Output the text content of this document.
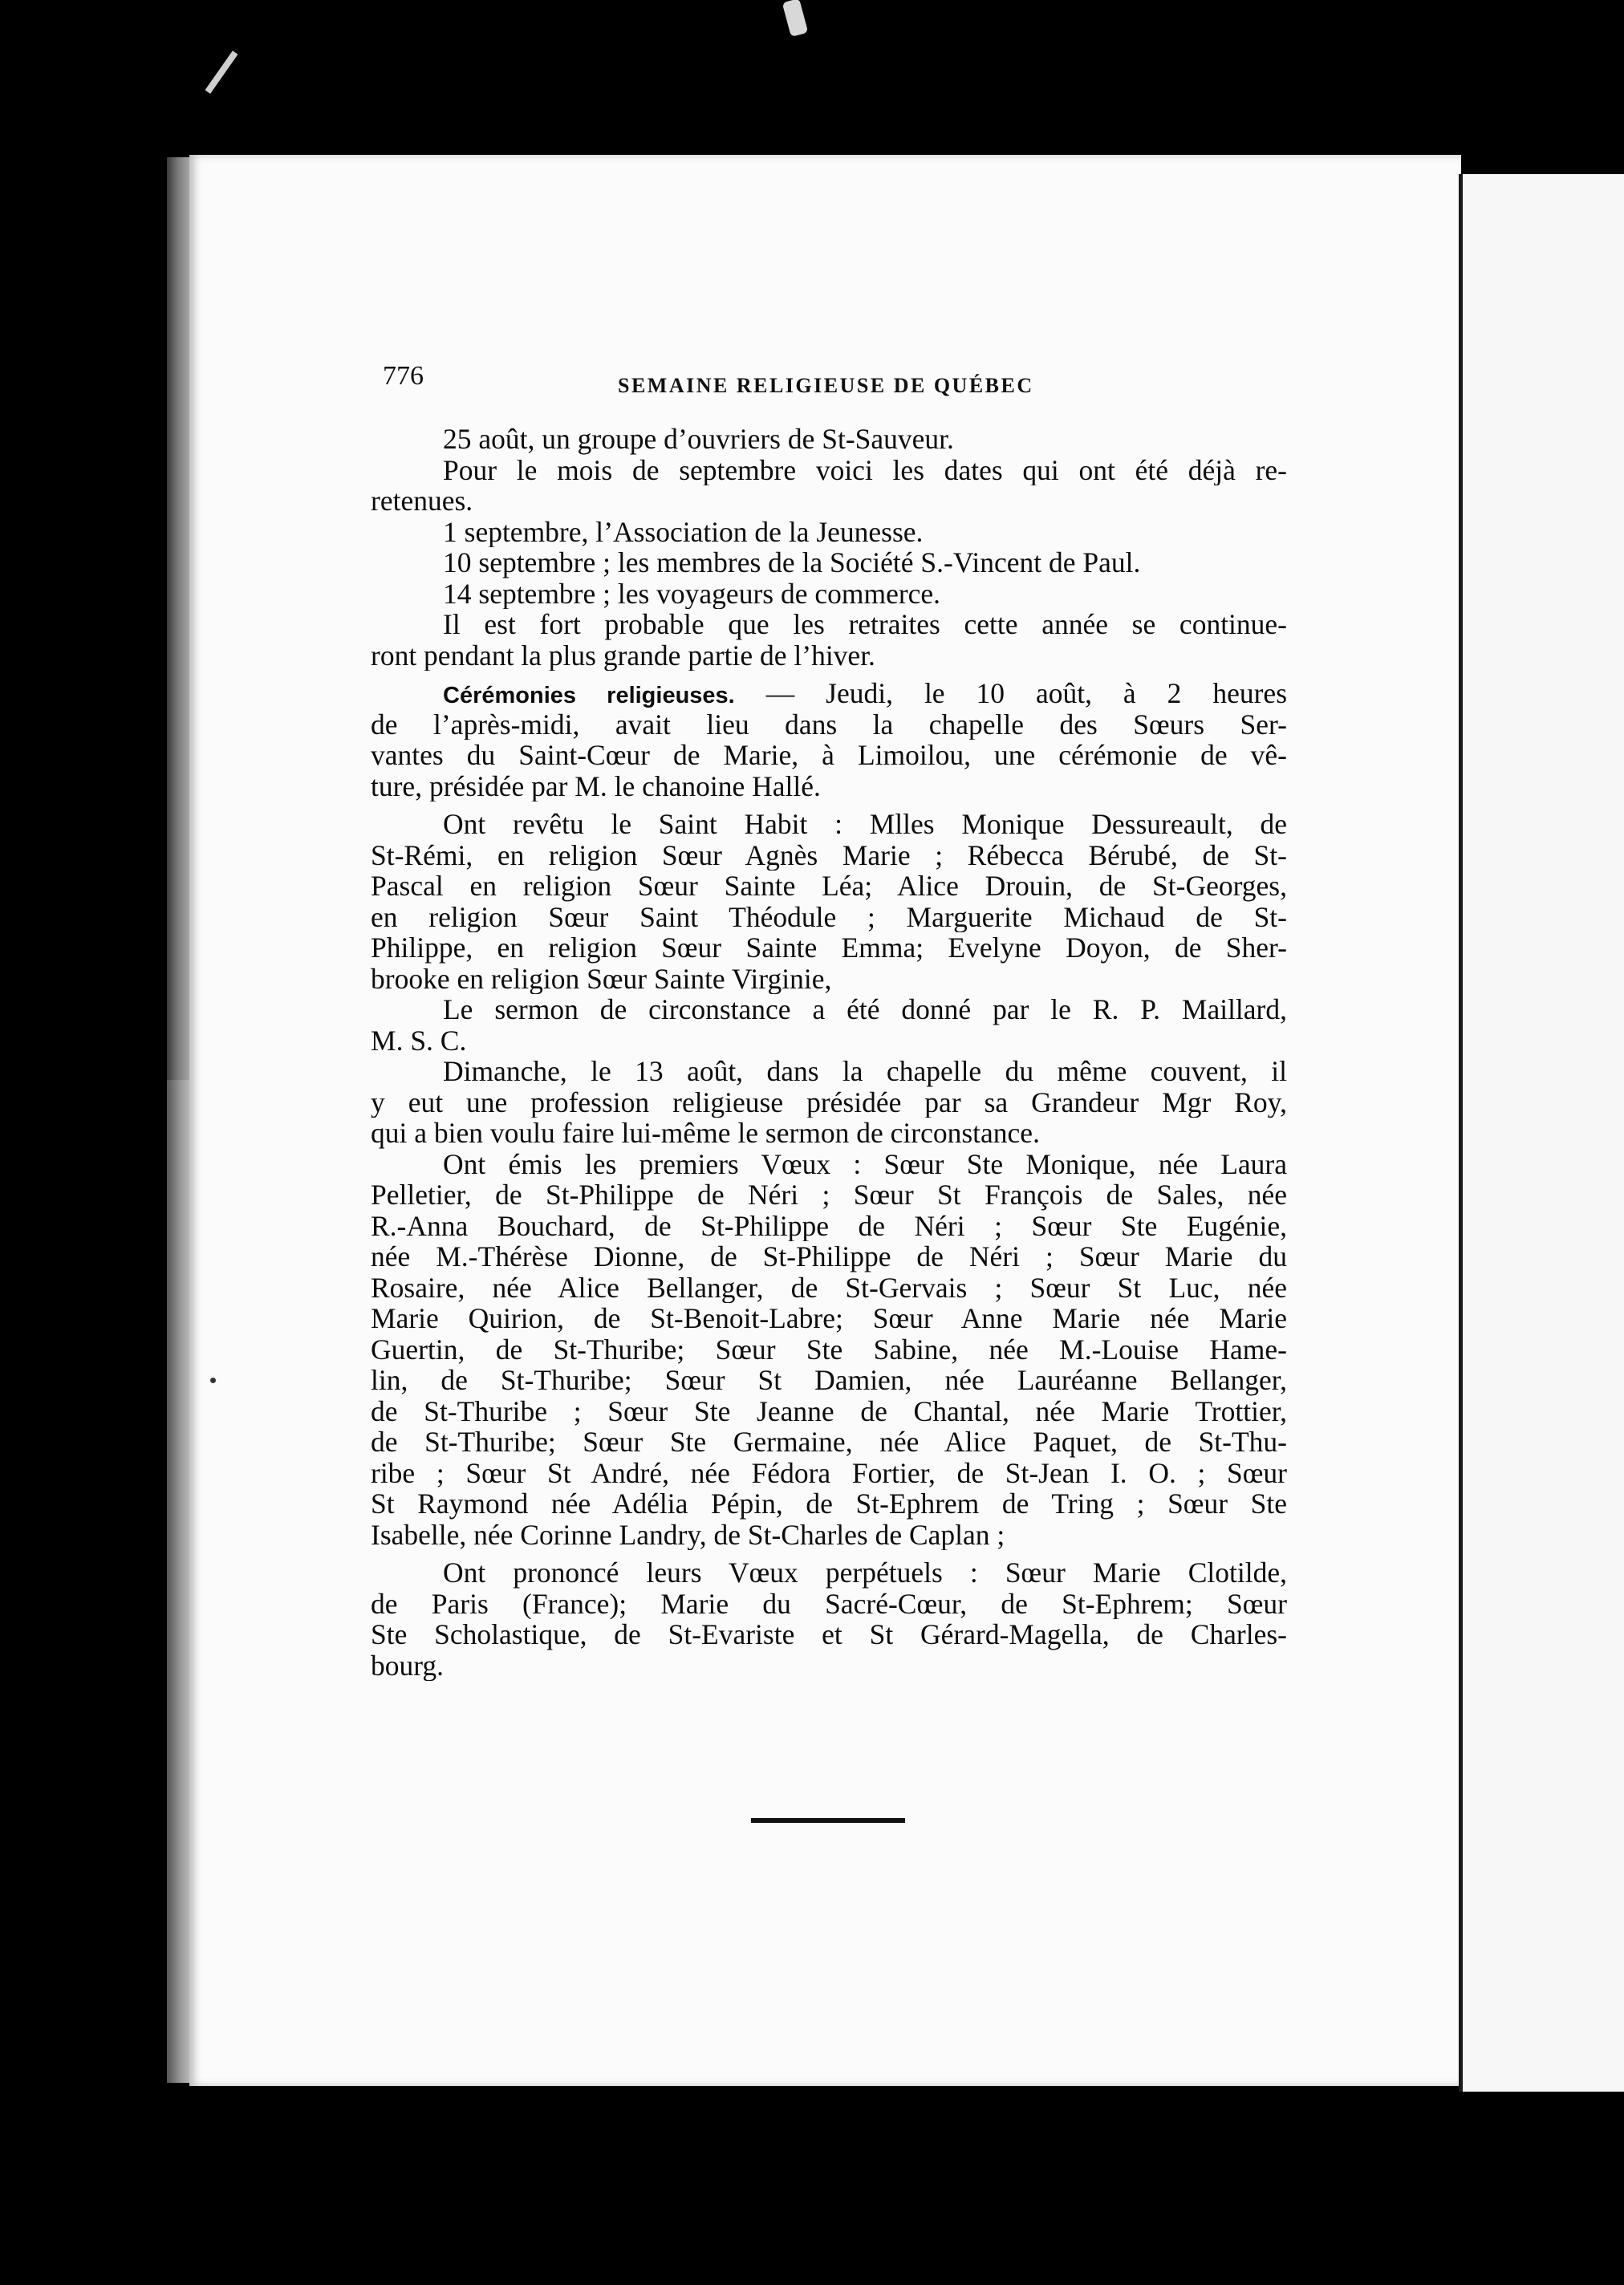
776	SEMAINE RELIGIEUSE DE QUÉBEC
25 août, un groupe d’ouvriers de St-Sauveur.
Pour le mois de septembre voici les dates qui ont été déjà re-
retenues.
1 septembre, l’Association de la Jeunesse.
10 septembre ; les membres de la Société S.-Vincent de Paul.
14 septembre ; les voyageurs de commerce.
Il est fort probable que les retraites cette année se continue-
ront pendant la plus grande partie de l’hiver.
Cérémonies religieuses. — Jeudi, le 10 août, à 2 heures
de l’après-midi, avait lieu dans la chapelle des Sœurs Ser-
vantes du Saint-Cœur de Marie, à Limoilou, une cérémonie de vê-
ture, présidée par M. le chanoine Hallé.
Ont revêtu le Saint Habit : Mlles Monique Dessureault, de
St-Rémi, en religion Sœur Agnès Marie ; Rébecca Bérubé, de St-
Pascal en religion Sœur Sainte Léa; Alice Drouin, de St-Georges,
en religion Sœur Saint Théodule ; Marguerite Michaud de St-
Philippe, en religion Sœur Sainte Emma; Evelyne Doyon, de Sher-
brooke en religion Sœur Sainte Virginie,
Le sermon de circonstance a été donné par le R. P. Maillard,
M. S. C.
Dimanche, le 13 août, dans la chapelle du même couvent, il
y eut une profession religieuse présidée par sa Grandeur Mgr Roy,
qui a bien voulu faire lui-même le sermon de circonstance.
Ont émis les premiers Vœux : Sœur Ste Monique, née Laura
Pelletier, de St-Philippe de Néri ; Sœur St François de Sales, née
R.-Anna Bouchard, de St-Philippe de Néri ; Sœur Ste Eugénie,
née M.-Thérèse Dionne, de St-Philippe de Néri ; Sœur Marie du
Rosaire, née Alice Bellanger, de St-Gervais ; Sœur St Luc, née
Marie Quirion, de St-Benoit-Labre; Sœur Anne Marie née Marie
Guertin, de St-Thuribe; Sœur Ste Sabine, née M.-Louise Hame-
lin, de St-Thuribe; Sœur St Damien, née Lauréanne Bellanger,
de St-Thuribe ; Sœur Ste Jeanne de Chantal, née Marie Trottier,
de St-Thuribe; Sœur Ste Germaine, née Alice Paquet, de St-Thu-
ribe ; Sœur St André, née Fédora Fortier, de St-Jean I. O. ; Sœur
St Raymond née Adélia Pépin, de St-Ephrem de Tring ; Sœur Ste
Isabelle, née Corinne Landry, de St-Charles de Caplan ;
Ont prononcé leurs Vœux perpétuels : Sœur Marie Clotilde,
de Paris (France); Marie du Sacré-Cœur, de St-Ephrem; Sœur
Ste Scholastique, de St-Evariste et St Gérard-Magella, de Charles-
bourg.
